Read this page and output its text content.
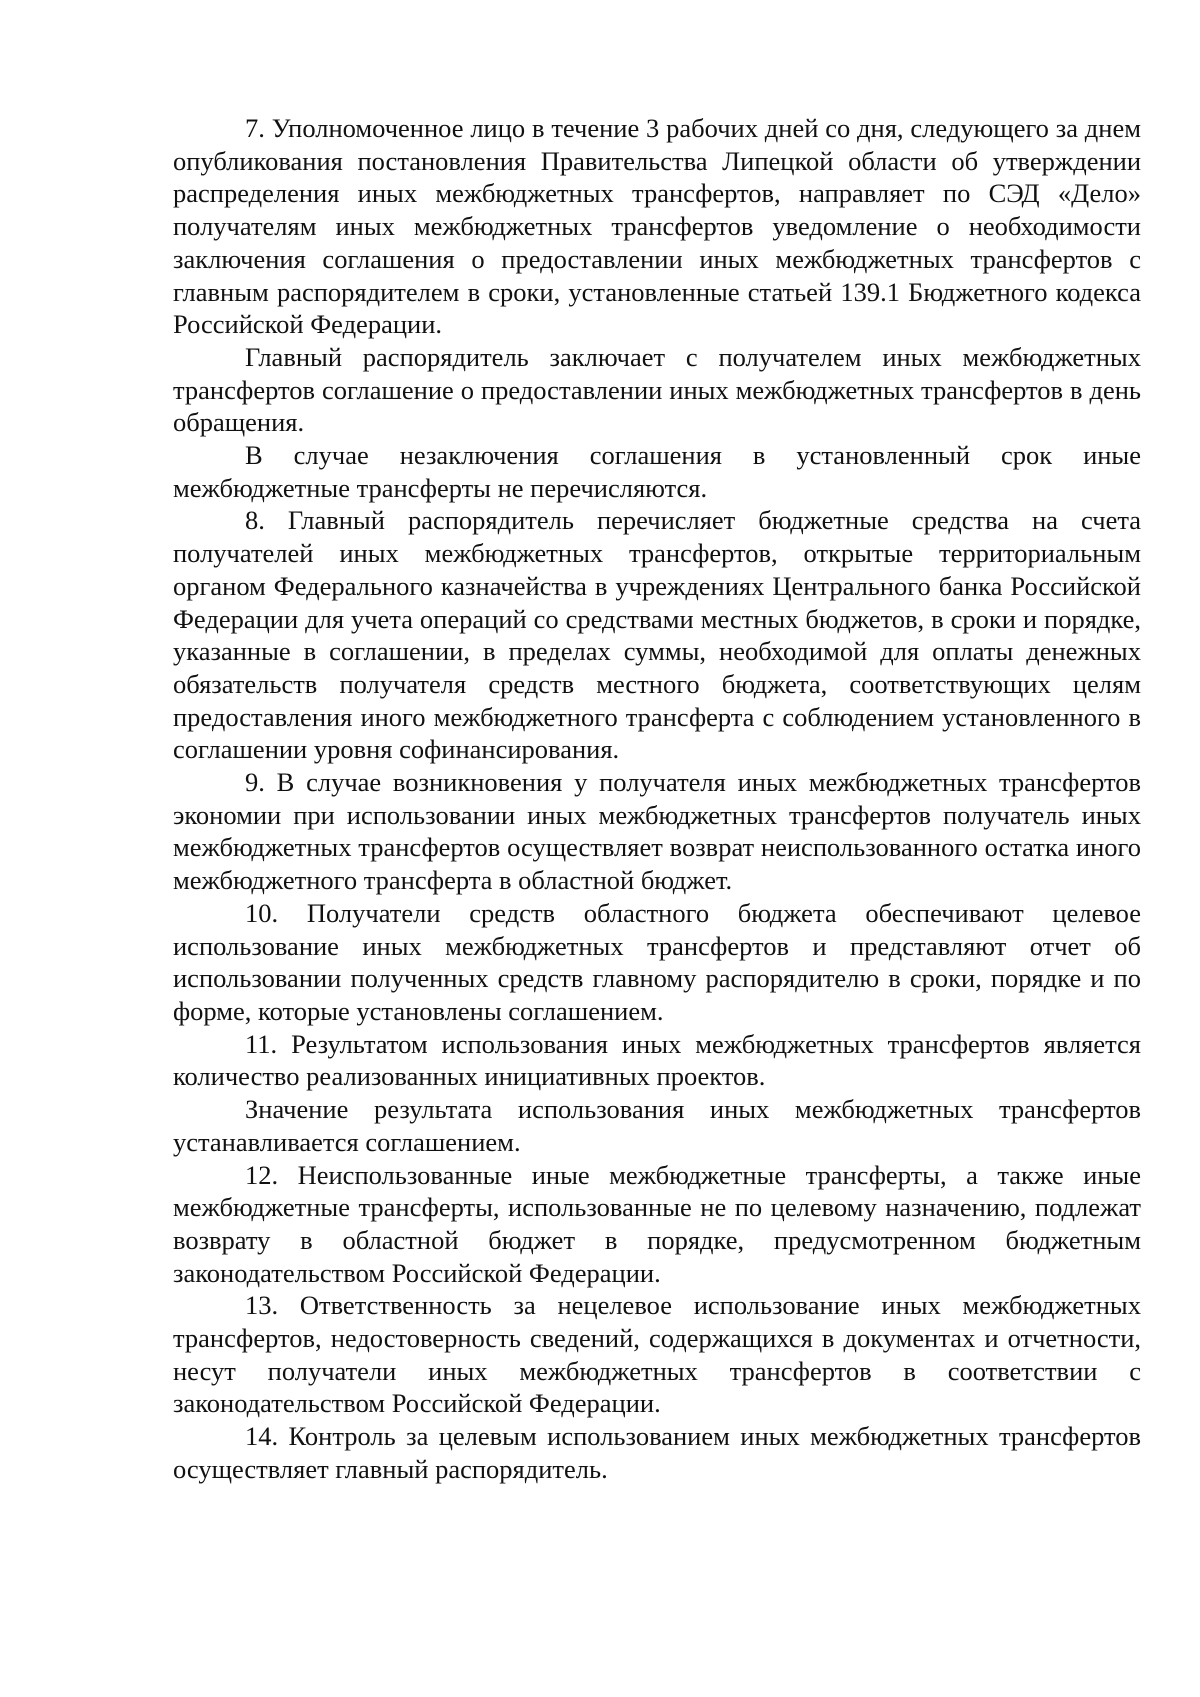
7. Уполномоченное лицо в течение 3 рабочих дней со дня, следующего за днем опубликования постановления Правительства Липецкой области об утверждении распределения иных межбюджетных трансфертов, направляет по СЭД «Дело» получателям иных межбюджетных трансфертов уведомление о необходимости заключения соглашения о предоставлении иных межбюджетных трансфертов с главным распорядителем в сроки, установленные статьей 139.1 Бюджетного кодекса Российской Федерации.

Главный распорядитель заключает с получателем иных межбюджетных трансфертов соглашение о предоставлении иных межбюджетных трансфертов в день обращения.

В случае незаключения соглашения в установленный срок иные межбюджетные трансферты не перечисляются.

8. Главный распорядитель перечисляет бюджетные средства на счета получателей иных межбюджетных трансфертов, открытые территориальным органом Федерального казначейства в учреждениях Центрального банка Российской Федерации для учета операций со средствами местных бюджетов, в сроки и порядке, указанные в соглашении, в пределах суммы, необходимой для оплаты денежных обязательств получателя средств местного бюджета, соответствующих целям предоставления иного межбюджетного трансферта с соблюдением установленного в соглашении уровня софинансирования.

9. В случае возникновения у получателя иных межбюджетных трансфертов экономии при использовании иных межбюджетных трансфертов получатель иных межбюджетных трансфертов осуществляет возврат неиспользованного остатка иного межбюджетного трансферта в областной бюджет.

10. Получатели средств областного бюджета обеспечивают целевое использование иных межбюджетных трансфертов и представляют отчет об использовании полученных средств главному распорядителю в сроки, порядке и по форме, которые установлены соглашением.

11. Результатом использования иных межбюджетных трансфертов является количество реализованных инициативных проектов.

Значение результата использования иных межбюджетных трансфертов устанавливается соглашением.

12. Неиспользованные иные межбюджетные трансферты, а также иные межбюджетные трансферты, использованные не по целевому назначению, подлежат возврату в областной бюджет в порядке, предусмотренном бюджетным законодательством Российской Федерации.

13. Ответственность за нецелевое использование иных межбюджетных трансфертов, недостоверность сведений, содержащихся в документах и отчетности, несут получатели иных межбюджетных трансфертов в соответствии с законодательством Российской Федерации.

14. Контроль за целевым использованием иных межбюджетных трансфертов осуществляет главный распорядитель.
